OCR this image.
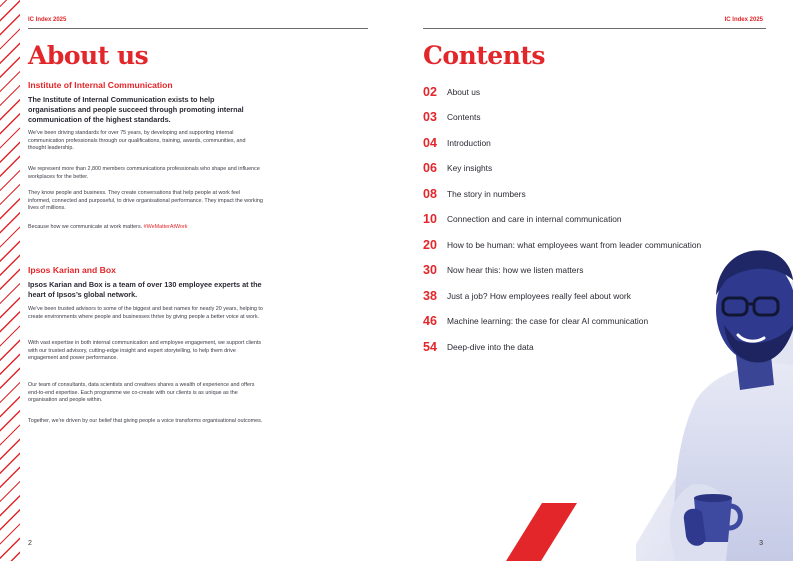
IC Index 2025
About us
Institute of Internal Communication
The Institute of Internal Communication exists to help organisations and people succeed through promoting internal communication of the highest standards.
We’ve been driving standards for over 75 years, by developing and supporting internal communication professionals through our qualifications, training, awards, communities, and thought leadership.
We represent more than 2,800 members communications professionals who shape and influence workplaces for the better.
They know people and business. They create conversations that help people at work feel informed, connected and purposeful, to drive organisational performance. They impact the working lives of millions.
Because how we communicate at work matters. #WeMatterAtWork
Ipsos Karian and Box
Ipsos Karian and Box is a team of over 130 employee experts at the heart of Ipsos’s global network.
We’ve been trusted advisors to some of the biggest and best names for nearly 20 years, helping to create environments where people and businesses thrive by giving people a better voice at work.
With vast expertise in both internal communication and employee engagement, we support clients with our trusted advisory, cutting-edge insight and expert storytelling, to help them drive engagement and power performance.
Our team of consultants, data scientists and creatives shares a wealth of experience and offers end-to-end expertise. Each programme we co-create with our clients is as unique as the organisation and people within.
Together, we’re driven by our belief that giving people a voice transforms organisational outcomes.
2
IC Index 2025
Contents
02	About us
03	Contents
04	Introduction
06	Key insights
08	The story in numbers
10	Connection and care in internal communication
20	How to be human: what employees want from leader communication
30	Now hear this: how we listen matters
38	Just a job? How employees really feel about work
46	Machine learning: the case for clear AI communication
54	Deep-dive into the data
3
